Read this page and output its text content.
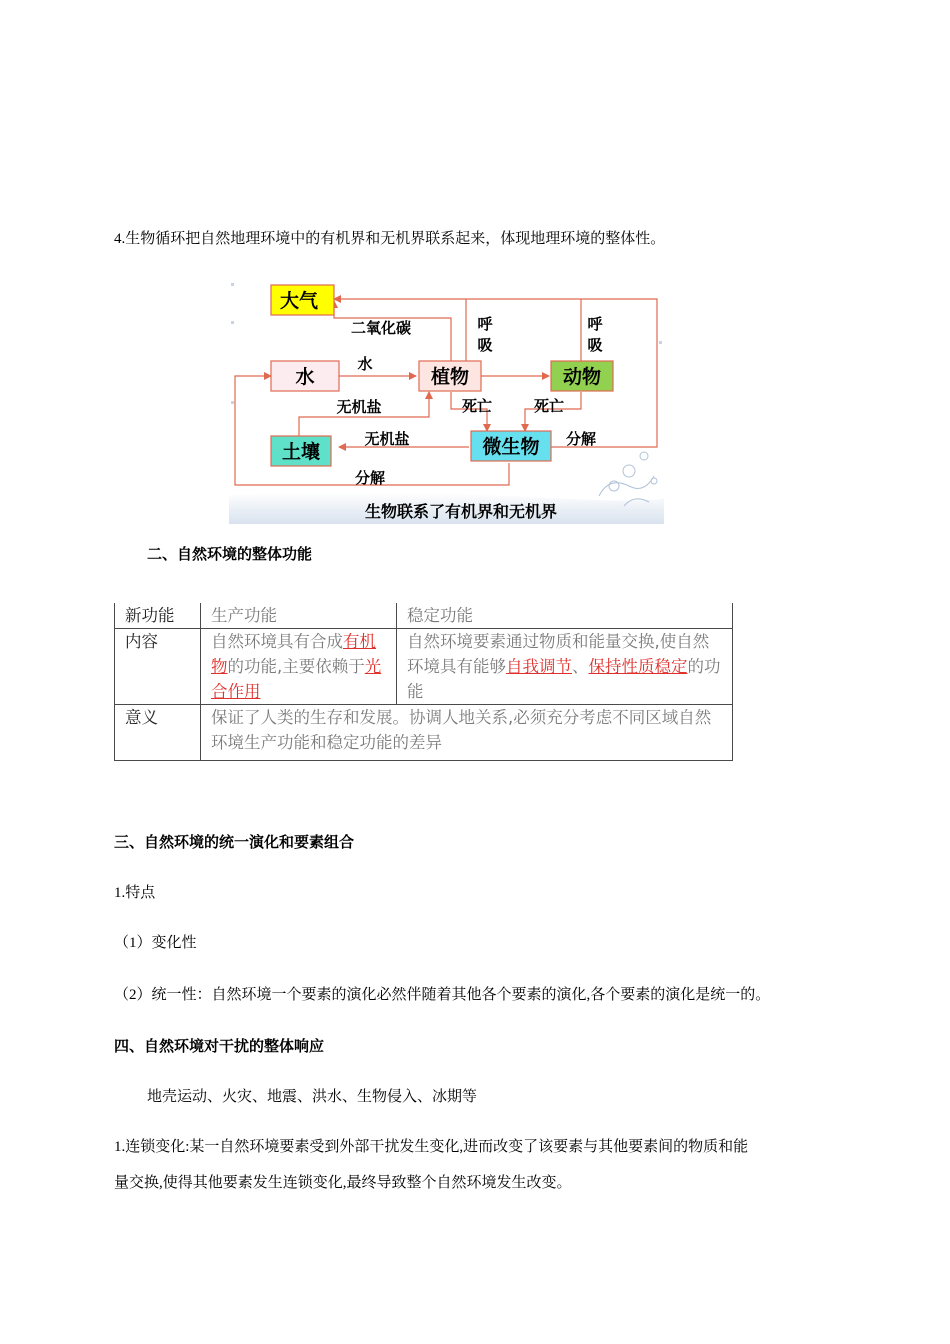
4.生物循环把自然地理环境中的有机界和无机界联系起来，体现地理环境的整体性。
大气
水	植物	动物
土壤	微生物
二氧化碳	呼
吸
呼
吸
水
无机盐	死亡	死亡
无机盐	分解
分解
生物联系了有机界和无机界
二、自然环境的整体功能
新功能	生产功能	稳定功能
内容	自然环境具有合成有机物的功能,主要依赖于光合作用	自然环境要素通过物质和能量交换,使自然环境具有能够自我调节、保持性质稳定的功能
意义	保证了人类的生存和发展。协调人地关系,必须充分考虑不同区域自然环境生产功能和稳定功能的差异	
三、自然环境的统一演化和要素组合
1.特点
（1）变化性
（2）统一性：自然环境一个要素的演化必然伴随着其他各个要素的演化,各个要素的演化是统一的。
四、自然环境对干扰的整体响应
地壳运动、火灾、地震、洪水、生物侵入、冰期等
1.连锁变化:某一自然环境要素受到外部干扰发生变化,进而改变了该要素与其他要素间的物质和能
量交换,使得其他要素发生连锁变化,最终导致整个自然环境发生改变。
